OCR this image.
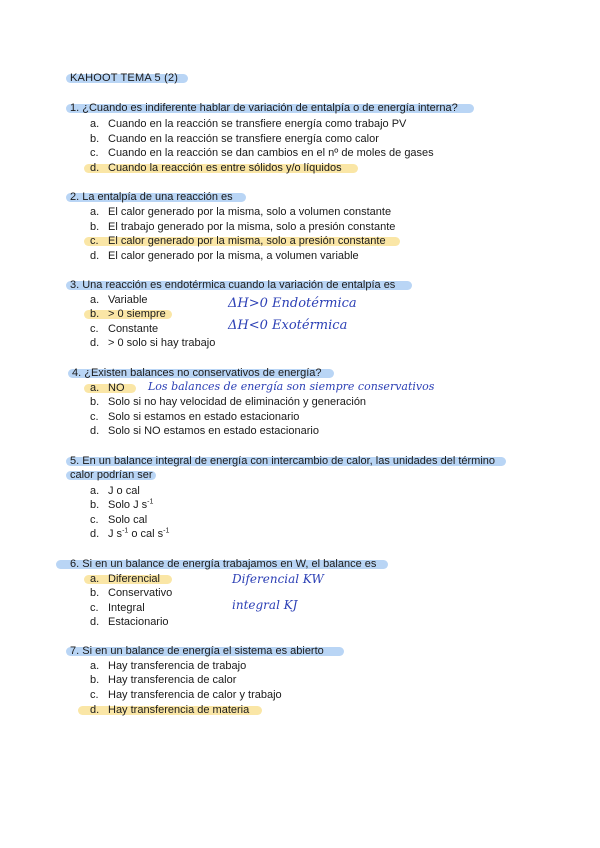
KAHOOT TEMA 5 (2)
1. ¿Cuando es indiferente hablar de variación de entalpía o de energía interna?
a. Cuando en la reacción se transfiere energía como trabajo PV
b. Cuando en la reacción se transfiere energía como calor
c. Cuando en la reacción se dan cambios en el nº de moles de gases
d. Cuando la reacción es entre sólidos y/o líquidos
2. La entalpía de una reacción es
a. El calor generado por la misma, solo a volumen constante
b. El trabajo generado por la misma, solo a presión constante
c. El calor generado por la misma, solo a presión constante
d. El calor generado por la misma, a volumen variable
3. Una reacción es endotérmica cuando la variación de entalpía es
a. Variable
b. > 0 siempre
c. Constante
d. > 0 solo si hay trabajo
ΔH>0 Endotérmica
ΔH<0 Exotérmica
4. ¿Existen balances no conservativos de energía?
a. NO
b. Solo si no hay velocidad de eliminación y generación
c. Solo si estamos en estado estacionario
d. Solo si NO estamos en estado estacionario
Los balances de energía son siempre conservativos
5. En un balance integral de energía con intercambio de calor, las unidades del término
calor podrían ser
a. J o cal
b. Solo J $s^{-1}$
c. Solo cal
d. J $s^{-1}$ o cal $s^{-1}$
6. Si en un balance de energía trabajamos en W, el balance es
a. Diferencial
b. Conservativo
c. Integral
d. Estacionario
Diferencial KW
integral KJ
7. Si en un balance de energía el sistema es abierto
a. Hay transferencia de trabajo
b. Hay transferencia de calor
c. Hay transferencia de calor y trabajo
d. Hay transferencia de materia
